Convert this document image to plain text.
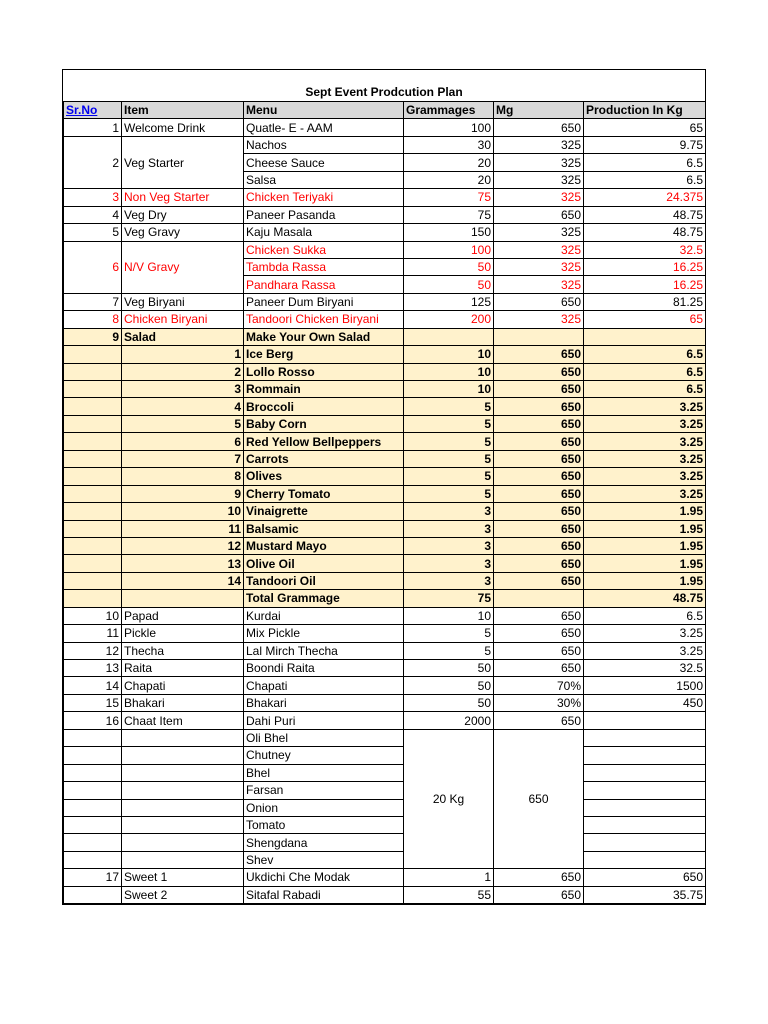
Sept Event Prodcution Plan
Sr.No	Item	Menu	Grammages	Mg	Production In Kg
1	Welcome Drink	Quatle- E - AAM	100	650	65
2	Veg Starter	Nachos	30	325	9.75
		Cheese Sauce	20	325	6.5
		Salsa	20	325	6.5
3	Non Veg Starter	Chicken Teriyaki	75	325	24.375
4	Veg Dry	Paneer Pasanda	75	650	48.75
5	Veg Gravy	Kaju Masala	150	325	48.75
6	N/V Gravy	Chicken Sukka	100	325	32.5
		Tambda Rassa	50	325	16.25
		Pandhara Rassa	50	325	16.25
7	Veg Biryani	Paneer Dum Biryani	125	650	81.25
8	Chicken Biryani	Tandoori Chicken Biryani	200	325	65
9	Salad	Make Your Own Salad			
	1	Ice Berg	10	650	6.5
	2	Lollo Rosso	10	650	6.5
	3	Rommain	10	650	6.5
	4	Broccoli	5	650	3.25
	5	Baby Corn	5	650	3.25
	6	Red Yellow Bellpeppers	5	650	3.25
	7	Carrots	5	650	3.25
	8	Olives	5	650	3.25
	9	Cherry Tomato	5	650	3.25
	10	Vinaigrette	3	650	1.95
	11	Balsamic	3	650	1.95
	12	Mustard Mayo	3	650	1.95
	13	Olive Oil	3	650	1.95
	14	Tandoori Oil	3	650	1.95
		Total Grammage	75		48.75
10	Papad	Kurdai	10	650	6.5
11	Pickle	Mix Pickle	5	650	3.25
12	Thecha	Lal Mirch Thecha	5	650	3.25
13	Raita	Boondi Raita	50	650	32.5
14	Chapati	Chapati	50	70%	1500
15	Bhakari	Bhakari	50	30%	450
16	Chaat Item	Dahi Puri	2000	650	
		Oli Bhel	20 Kg	650	
		Chutney			
		Bhel			
		Farsan			
		Onion			
		Tomato			
		Shengdana			
		Shev			
17	Sweet 1	Ukdichi Che Modak	1	650	650
	Sweet 2	Sitafal Rabadi	55	650	35.75
